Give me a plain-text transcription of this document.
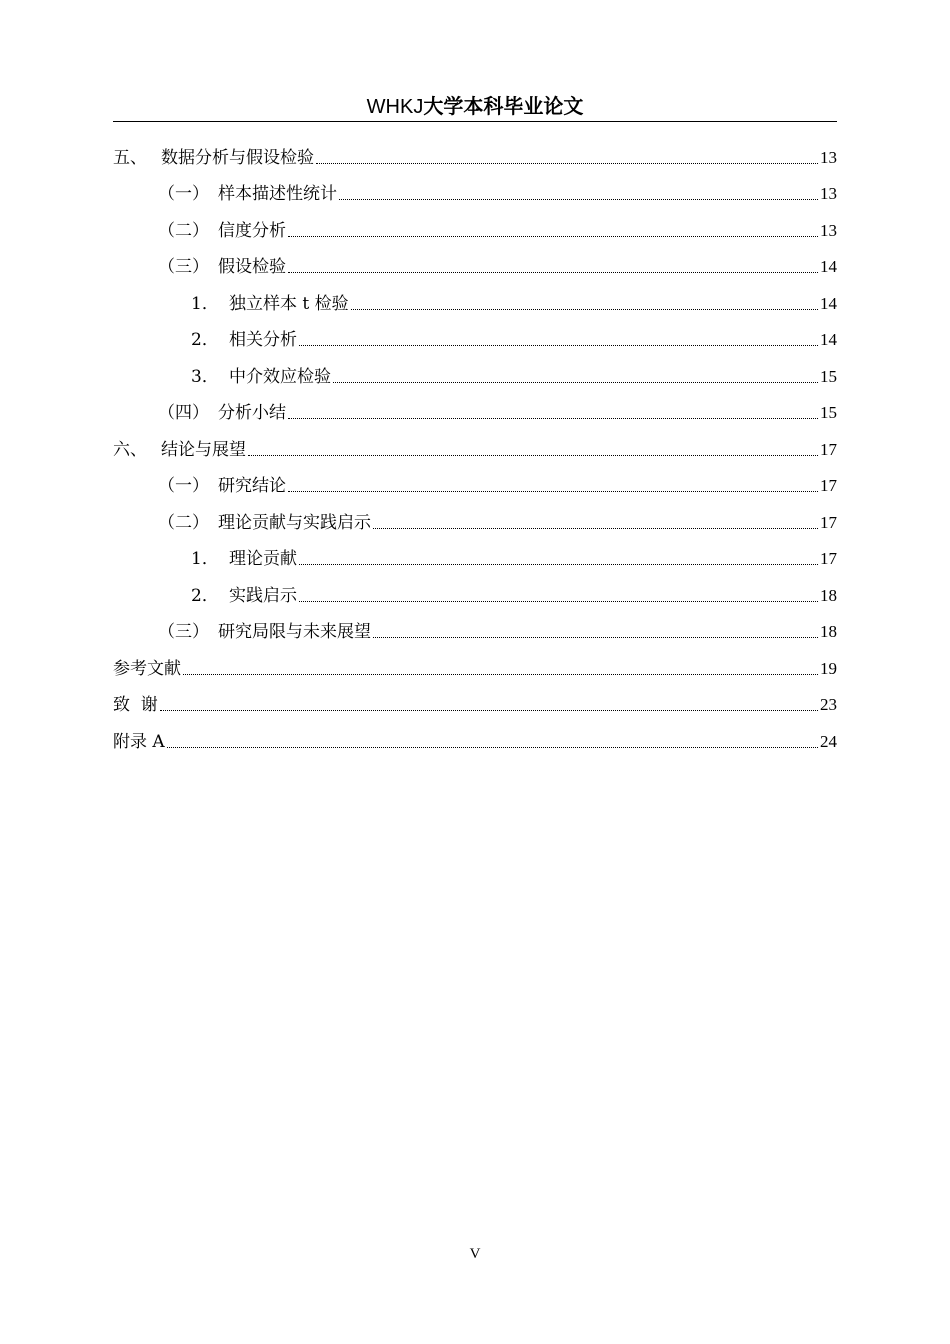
WHKJ大学本科毕业论文
五、 数据分析与假设检验	13
（一） 样本描述性统计	13
（二） 信度分析	13
（三） 假设检验	14
1． 独立样本 t 检验	14
2． 相关分析	14
3． 中介效应检验	15
（四） 分析小结	15
六、 结论与展望	17
（一） 研究结论	17
（二） 理论贡献与实践启示	17
1． 理论贡献	17
2． 实践启示	18
（三） 研究局限与未来展望	18
参考文献	19
致  谢	23
附录 A	24
V
